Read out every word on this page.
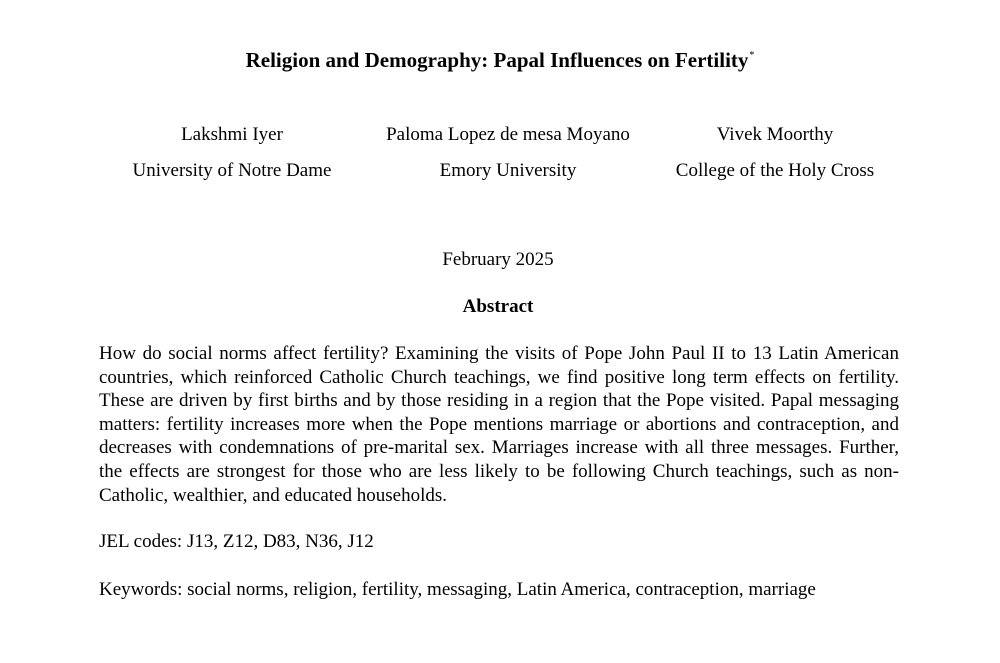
Religion and Demography: Papal Influences on Fertility*
Lakshmi Iyer
University of Notre Dame
Paloma Lopez de mesa Moyano
Emory University
Vivek Moorthy
College of the Holy Cross
February 2025
Abstract

How do social norms affect fertility? Examining the visits of Pope John Paul II to 13 Latin American countries, which reinforced Catholic Church teachings, we find positive long term effects on fertility. These are driven by first births and by those residing in a region that the Pope visited. Papal messaging matters: fertility increases more when the Pope mentions marriage or abortions and contraception, and decreases with condemnations of pre-marital sex. Marriages increase with all three messages. Further, the effects are strongest for those who are less likely to be following Church teachings, such as non-Catholic, wealthier, and educated households.

JEL codes: J13, Z12, D83, N36, J12

Keywords: social norms, religion, fertility, messaging, Latin America, contraception, marriage
